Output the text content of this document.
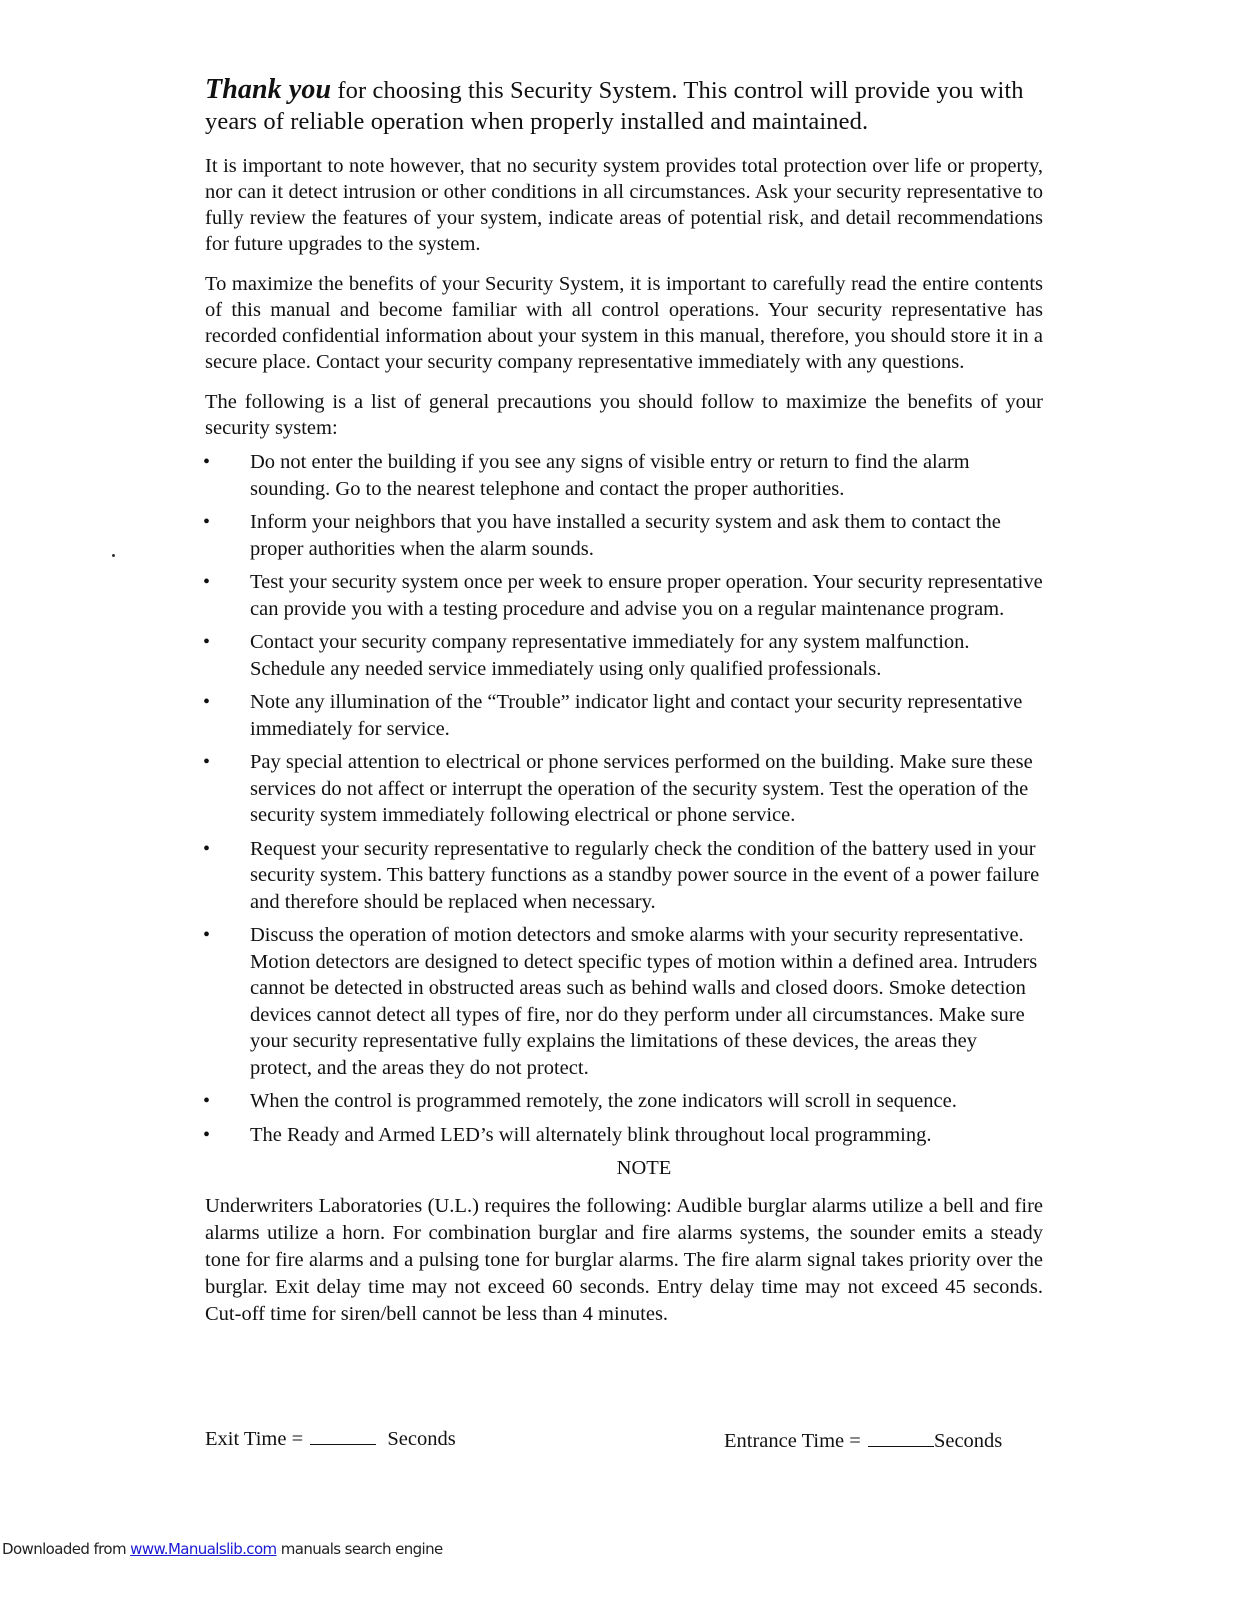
Thank you for choosing this Security System. This control will provide you with years of reliable operation when properly installed and maintained.

It is important to note however, that no security system provides total protection over life or property, nor can it detect intrusion or other conditions in all circumstances. Ask your security representative to fully review the features of your system, indicate areas of potential risk, and detail recommendations for future upgrades to the system.

To maximize the benefits of your Security System, it is important to carefully read the entire contents of this manual and become familiar with all control operations. Your security representative has recorded confidential information about your system in this manual, therefore, you should store it in a secure place. Contact your security company representative immediately with any questions.

The following is a list of general precautions you should follow to maximize the benefits of your security system:

• Do not enter the building if you see any signs of visible entry or return to find the alarm sounding. Go to the nearest telephone and contact the proper authorities.
• Inform your neighbors that you have installed a security system and ask them to contact the proper authorities when the alarm sounds.
• Test your security system once per week to ensure proper operation. Your security representative can provide you with a testing procedure and advise you on a regular maintenance program.
• Contact your security company representative immediately for any system malfunction. Schedule any needed service immediately using only qualified professionals.
• Note any illumination of the “Trouble” indicator light and contact your security representative immediately for service.
• Pay special attention to electrical or phone services performed on the building. Make sure these services do not affect or interrupt the operation of the security system. Test the operation of the security system immediately following electrical or phone service.
• Request your security representative to regularly check the condition of the battery used in your security system. This battery functions as a standby power source in the event of a power failure and therefore should be replaced when necessary.
• Discuss the operation of motion detectors and smoke alarms with your security representative. Motion detectors are designed to detect specific types of motion within a defined area. Intruders cannot be detected in obstructed areas such as behind walls and closed doors. Smoke detection devices cannot detect all types of fire, nor do they perform under all circumstances. Make sure your security representative fully explains the limitations of these devices, the areas they protect, and the areas they do not protect.
• When the control is programmed remotely, the zone indicators will scroll in sequence.
• The Ready and Armed LED’s will alternately blink throughout local programming.
NOTE

Underwriters Laboratories (U.L.) requires the following: Audible burglar alarms utilize a bell and fire alarms utilize a horn. For combination burglar and fire alarms systems, the sounder emits a steady tone for fire alarms and a pulsing tone for burglar alarms. The fire alarm signal takes priority over the burglar. Exit delay time may not exceed 60 seconds. Entry delay time may not exceed 45 seconds. Cut-off time for siren/bell cannot be less than 4 minutes.

Exit Time =	Seconds	Entrance Time =	Seconds
Downloaded from www.Manualslib.com manuals search engine
